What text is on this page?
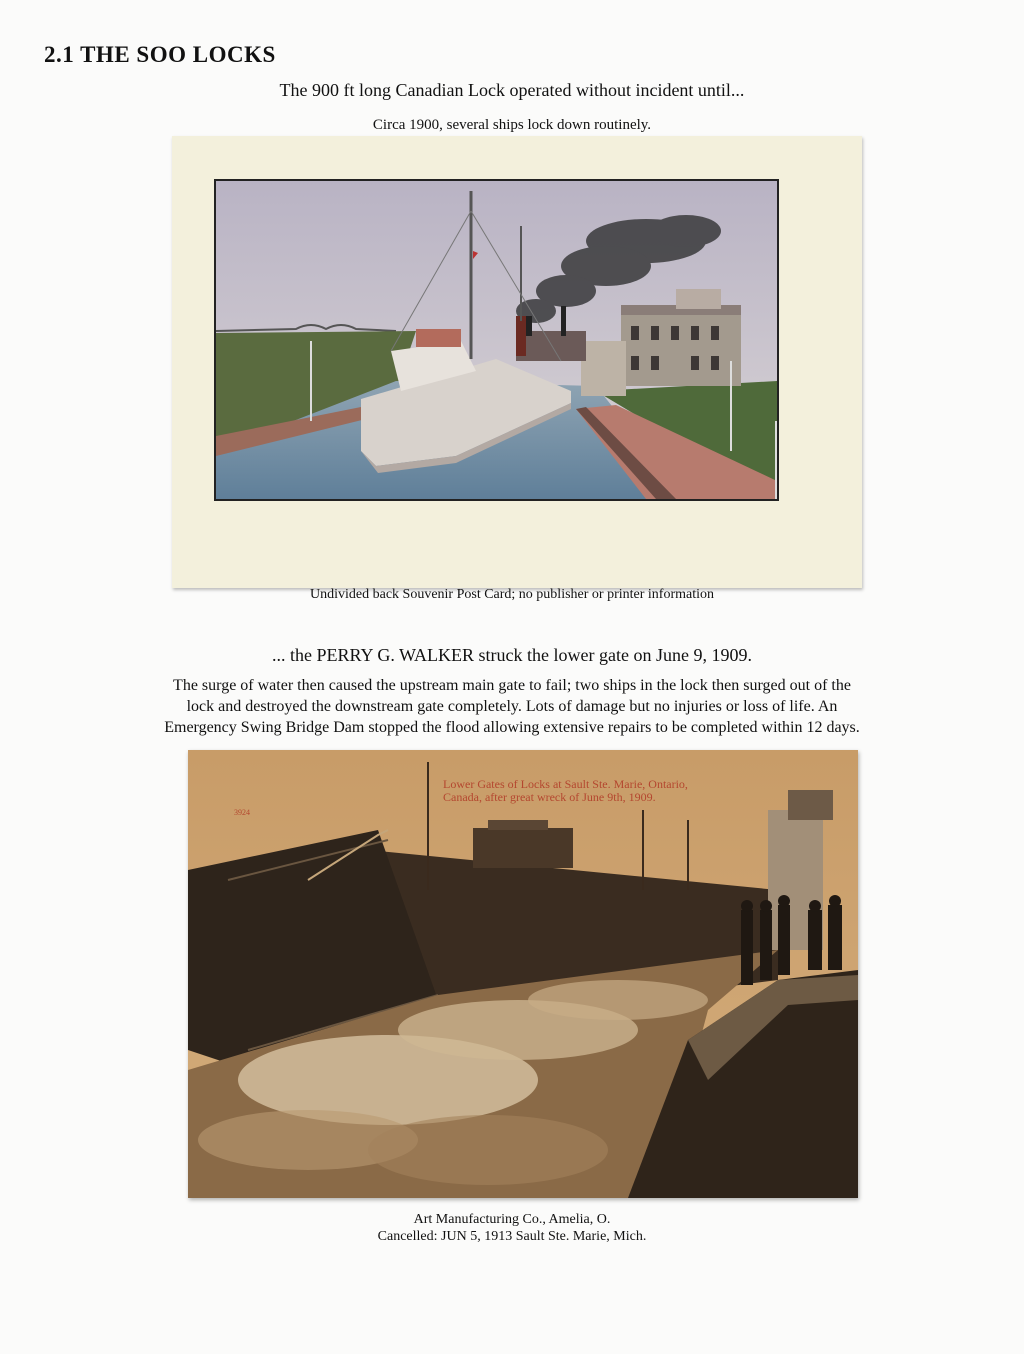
2.1 THE SOO LOCKS
The 900 ft long Canadian Lock operated without incident until...
Circa 1900, several ships lock down routinely.
Undivided back Souvenir Post Card; no publisher or printer information
... the PERRY G. WALKER struck the lower gate on June 9, 1909.
The surge of water then caused the upstream main gate to fail; two ships in the lock then surged out of the
lock and destroyed the downstream gate completely. Lots of damage but no injuries or loss of life. An
Emergency Swing Bridge Dam stopped the flood allowing extensive repairs to be completed within 12 days.
Lower Gates of Locks at Sault Ste. Marie, Ontario,
Canada, after great wreck of June 9th, 1909.
3924
Art Manufacturing Co., Amelia, O.
Cancelled: JUN 5, 1913 Sault Ste. Marie, Mich.
